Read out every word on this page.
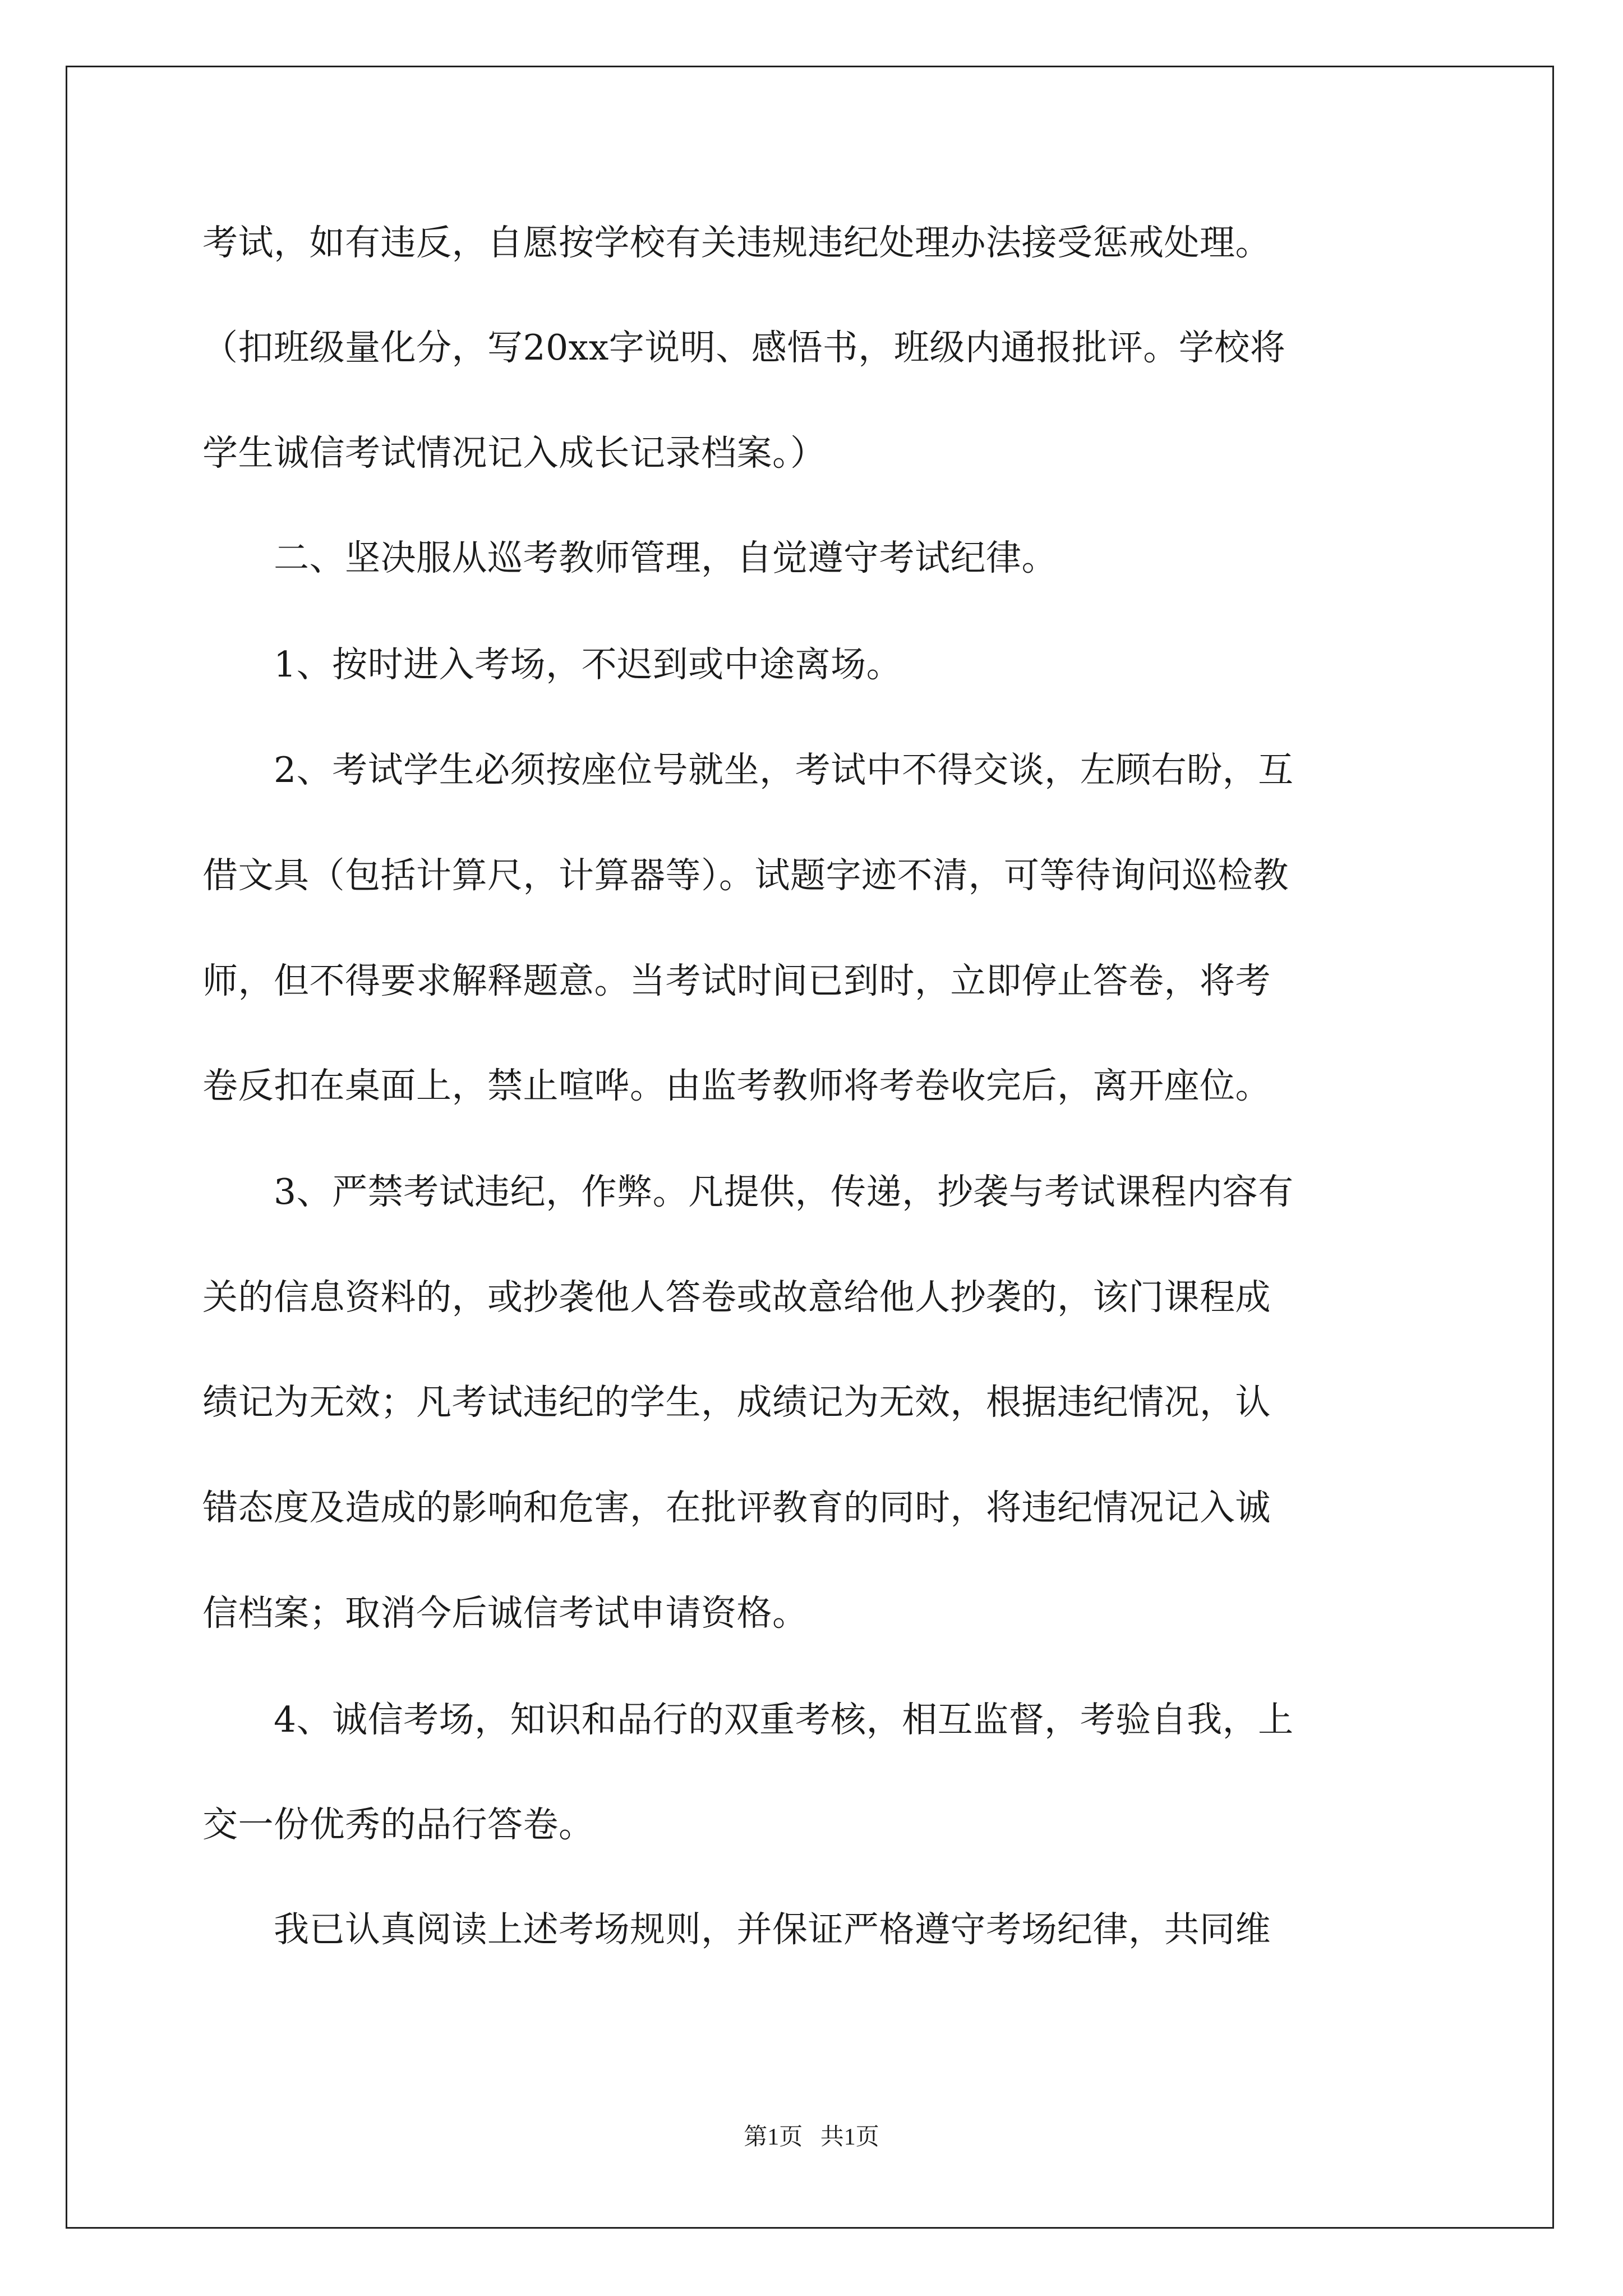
考试，如有违反，自愿按学校有关违规违纪处理办法接受惩戒处理。
（扣班级量化分，写20xx字说明、感悟书，班级内通报批评。学校将
学生诚信考试情况记入成长记录档案。）
　　二、坚决服从巡考教师管理，自觉遵守考试纪律。
　　1、按时进入考场，不迟到或中途离场。
　　2、考试学生必须按座位号就坐，考试中不得交谈，左顾右盼，互
借文具（包括计算尺，计算器等）。试题字迹不清，可等待询问巡检教
师，但不得要求解释题意。当考试时间已到时，立即停止答卷，将考
卷反扣在桌面上，禁止喧哗。由监考教师将考卷收完后，离开座位。
　　3、严禁考试违纪，作弊。凡提供，传递，抄袭与考试课程内容有
关的信息资料的，或抄袭他人答卷或故意给他人抄袭的，该门课程成
绩记为无效；凡考试违纪的学生，成绩记为无效，根据违纪情况，认
错态度及造成的影响和危害，在批评教育的同时，将违纪情况记入诚
信档案；取消今后诚信考试申请资格。
　　4、诚信考场，知识和品行的双重考核，相互监督，考验自我，上
交一份优秀的品行答卷。
　　我已认真阅读上述考场规则，并保证严格遵守考场纪律，共同维
第1页   共1页
